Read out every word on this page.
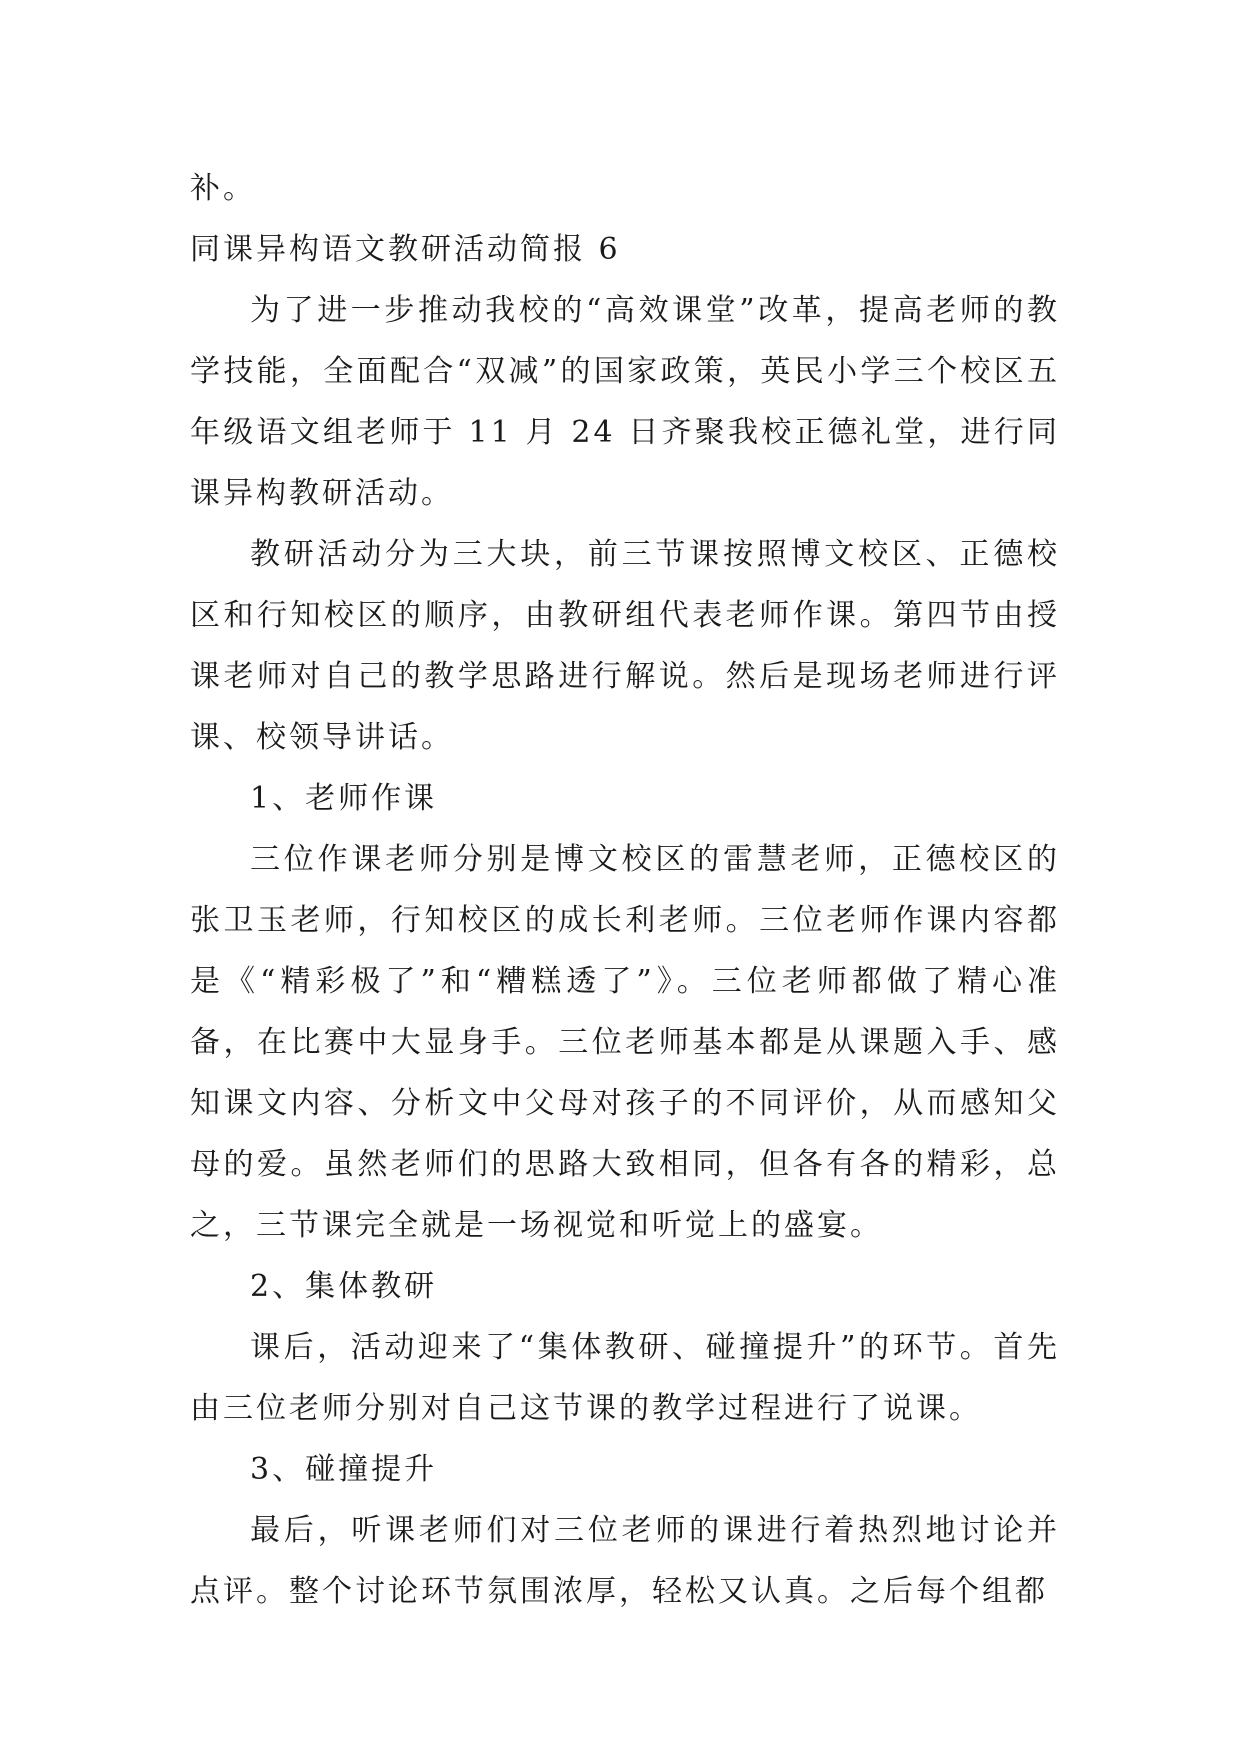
补。

同课异构语文教研活动简报 6

为了进一步推动我校的“高效课堂”改革，提高老师的教学技能，全面配合“双减”的国家政策，英民小学三个校区五年级语文组老师于 11 月 24 日齐聚我校正德礼堂，进行同课异构教研活动。

教研活动分为三大块，前三节课按照博文校区、正德校区和行知校区的顺序，由教研组代表老师作课。第四节由授课老师对自己的教学思路进行解说。然后是现场老师进行评课、校领导讲话。

1、老师作课

三位作课老师分别是博文校区的雷慧老师，正德校区的张卫玉老师，行知校区的成长利老师。三位老师作课内容都是《“精彩极了”和“糟糕透了”》。三位老师都做了精心准备，在比赛中大显身手。三位老师基本都是从课题入手、感知课文内容、分析文中父母对孩子的不同评价，从而感知父母的爱。虽然老师们的思路大致相同，但各有各的精彩，总之，三节课完全就是一场视觉和听觉上的盛宴。

2、集体教研

课后，活动迎来了“集体教研、碰撞提升”的环节。首先由三位老师分别对自己这节课的教学过程进行了说课。

3、碰撞提升

最后，听课老师们对三位老师的课进行着热烈地讨论并点评。整个讨论环节氛围浓厚，轻松又认真。之后每个组都
